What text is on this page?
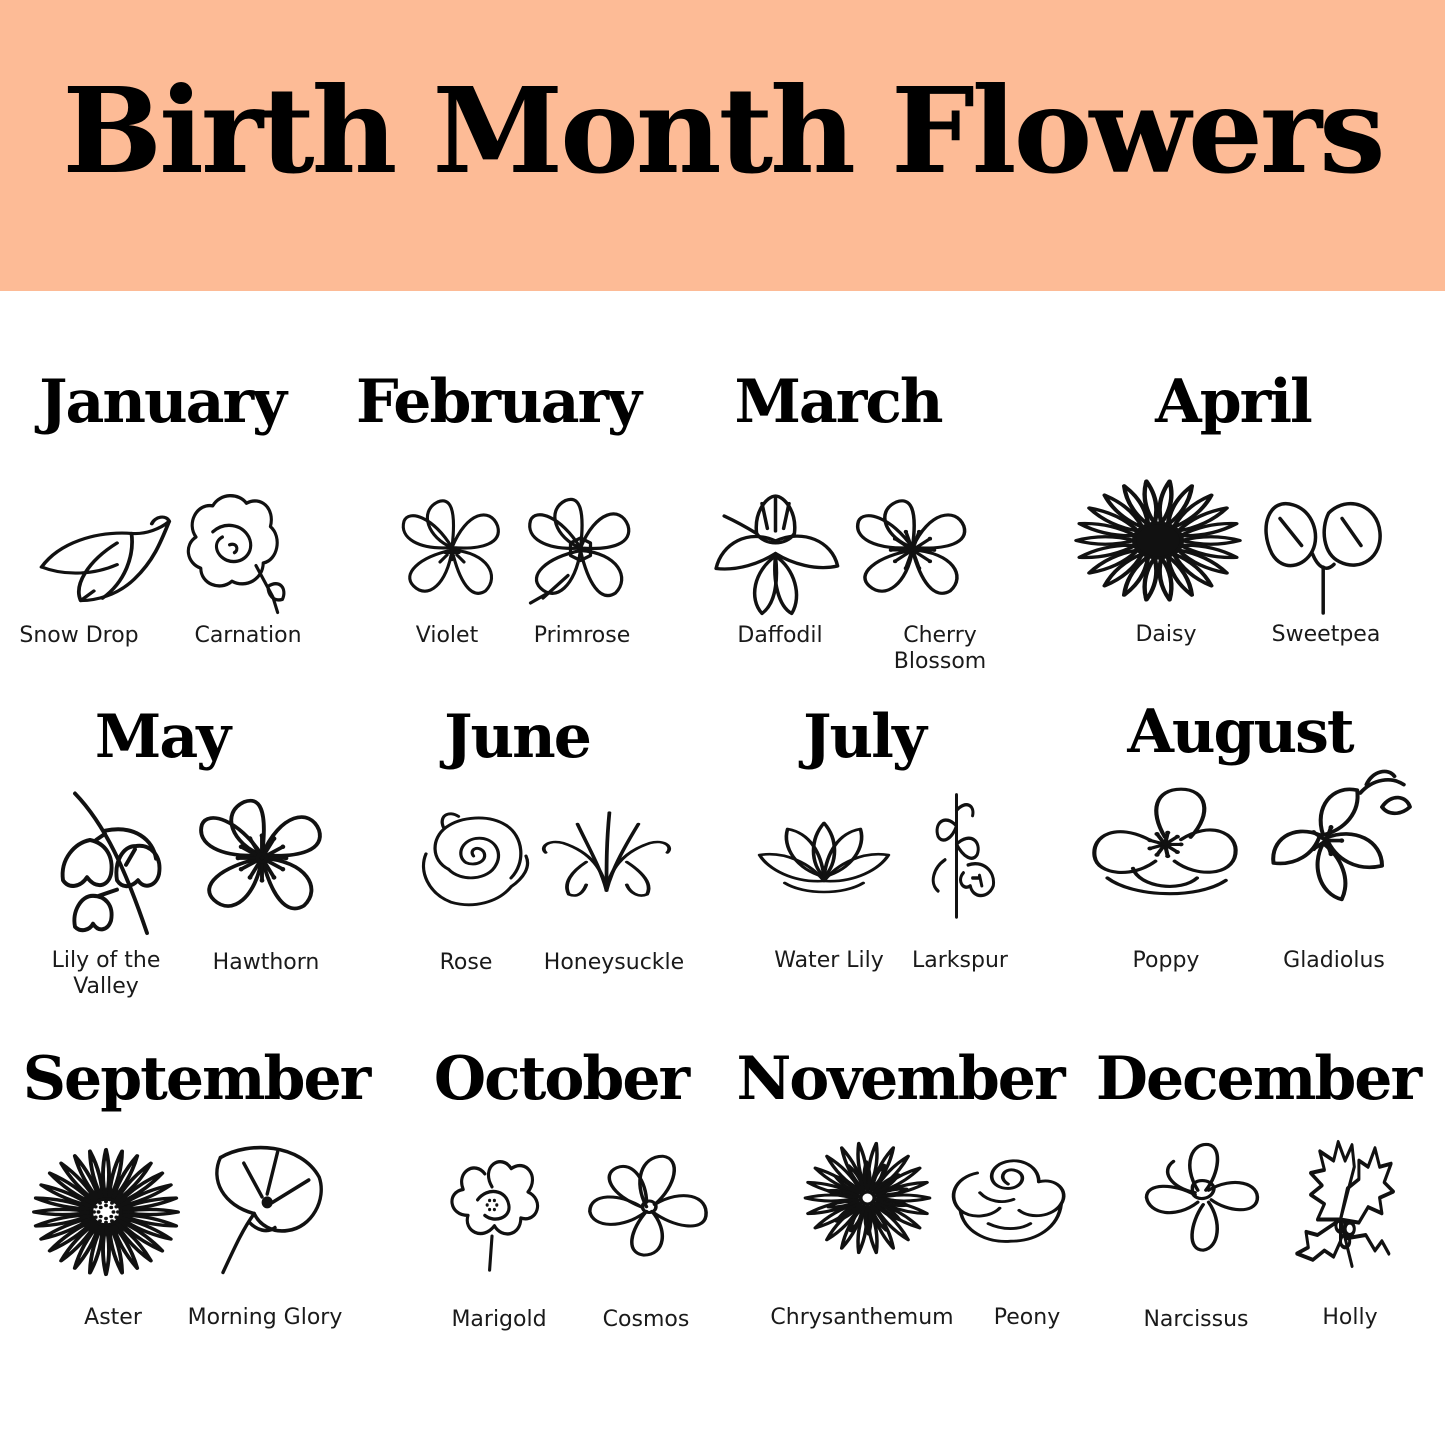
Birth Month Flowers
January
Snow Drop	Carnation
February
Violet	Primrose
March
Daffodil	Cherry
Blossom
April
Daisy	Sweetpea
May
Lily of the
Valley
Hawthorn
June
Rose Honeysuckle
July
Water Lily Larkspur
August
Poppy	Gladiolus
September
Aster Morning Glory
October
Marigold	Cosmos
November
Chrysanthemum Peony
December
Narcissus	Holly
